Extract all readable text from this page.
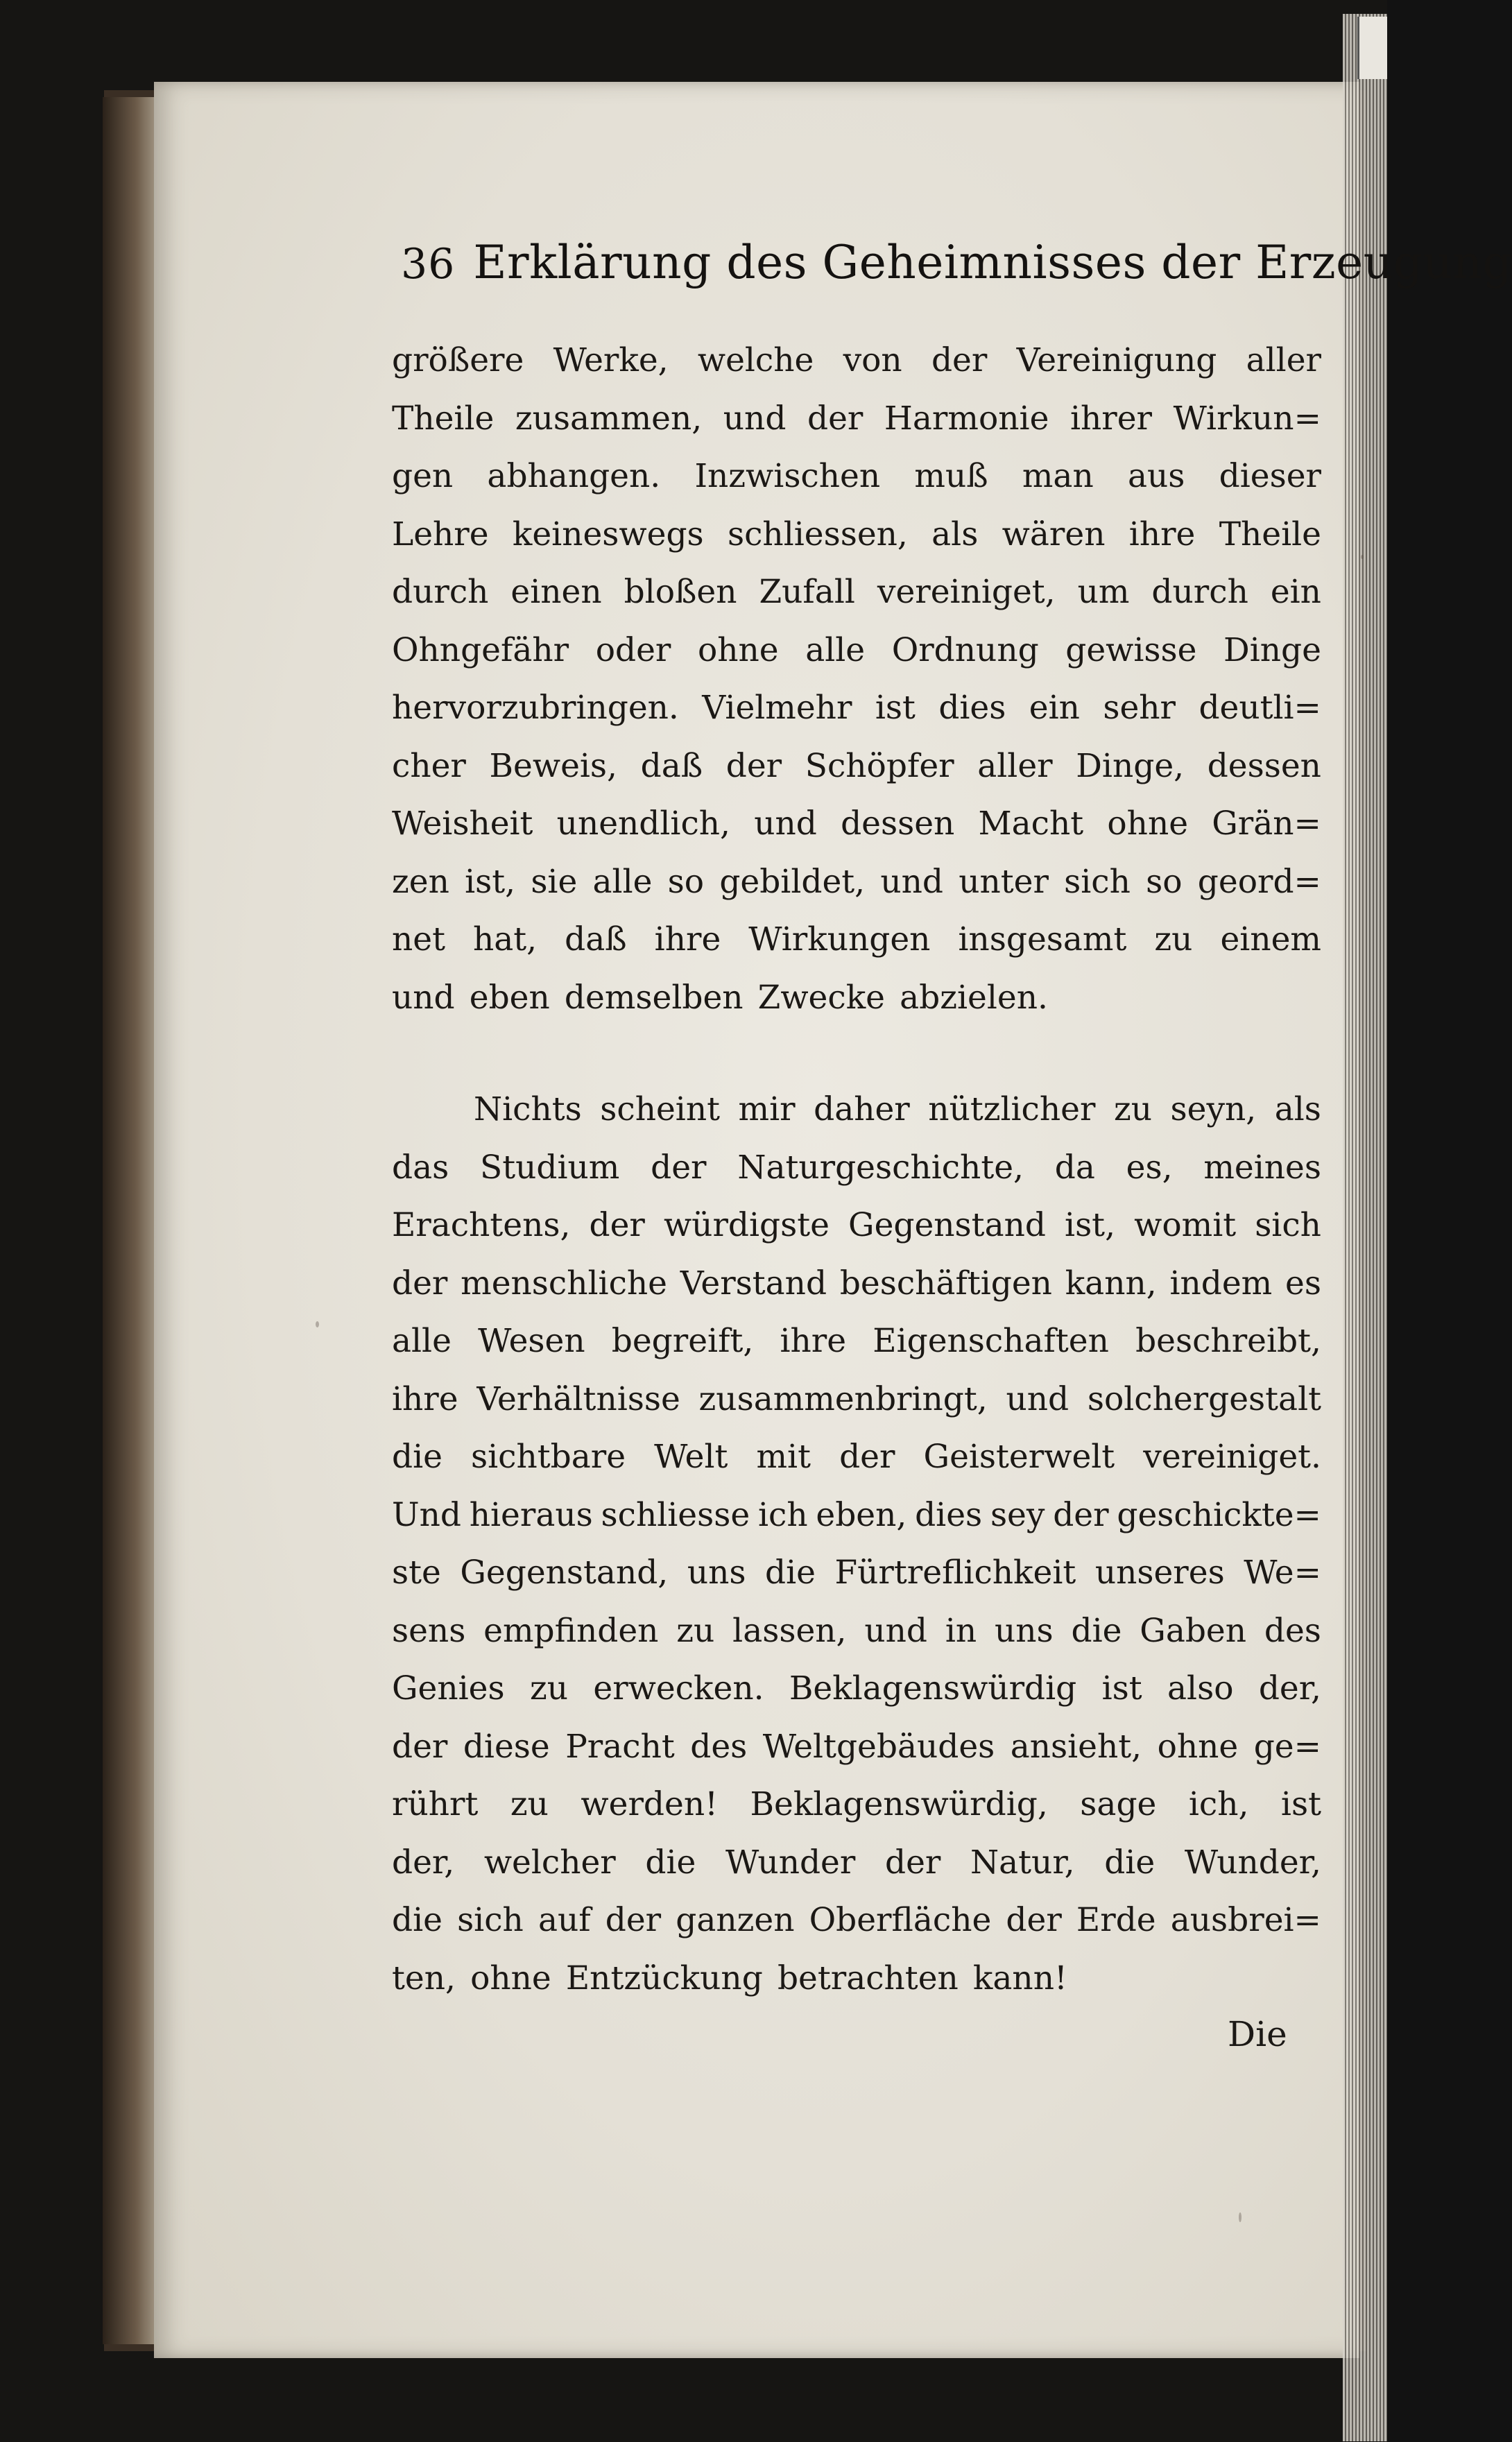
36 Erklärung des Geheimnisses der Erzeugung
größere Werke, welche von der Vereinigung aller
Theile zusammen, und der Harmonie ihrer Wirkun=
gen abhangen. Inzwischen muß man aus dieser
Lehre keineswegs schliessen, als wären ihre Theile
durch einen bloßen Zufall vereiniget, um durch ein
Ohngefähr oder ohne alle Ordnung gewisse Dinge
hervorzubringen. Vielmehr ist dies ein sehr deutli=
cher Beweis, daß der Schöpfer aller Dinge, dessen
Weisheit unendlich, und dessen Macht ohne Grän=
zen ist, sie alle so gebildet, und unter sich so geord=
net hat, daß ihre Wirkungen insgesamt zu einem
und eben demselben Zwecke abzielen.
Nichts scheint mir daher nützlicher zu seyn, als
das Studium der Naturgeschichte, da es, meines
Erachtens, der würdigste Gegenstand ist, womit sich
der menschliche Verstand beschäftigen kann, indem es
alle Wesen begreift, ihre Eigenschaften beschreibt,
ihre Verhältnisse zusammenbringt, und solchergestalt
die sichtbare Welt mit der Geisterwelt vereiniget.
Und hieraus schliesse ich eben, dies sey der geschickte=
ste Gegenstand, uns die Fürtreflichkeit unseres We=
sens empfinden zu lassen, und in uns die Gaben des
Genies zu erwecken. Beklagenswürdig ist also der,
der diese Pracht des Weltgebäudes ansieht, ohne ge=
rührt zu werden! Beklagenswürdig, sage ich, ist
der, welcher die Wunder der Natur, die Wunder,
die sich auf der ganzen Oberfläche der Erde ausbrei=
ten, ohne Entzückung betrachten kann!
Die
